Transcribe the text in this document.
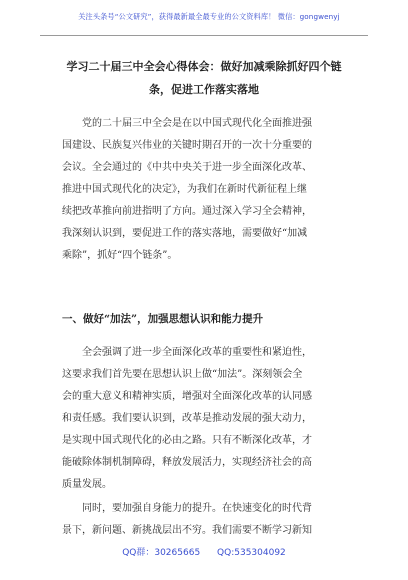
关注头条号“公文研究”，获得最新最全最专业的公文资料库！ 微信：gongwenyj
学习二十届三中全会心得体会：做好加减乘除抓好四个链
条，促进工作落实落地
党的二十届三中全会是在以中国式现代化全面推进强
国建设、民族复兴伟业的关键时期召开的一次十分重要的
会议。全会通过的《中共中央关于进一步全面深化改革、
推进中国式现代化的决定》，为我们在新时代新征程上继
续把改革推向前进指明了方向。通过深入学习全会精神，
我深刻认识到，要促进工作的落实落地，需要做好“加减
乘除”，抓好“四个链条”。
一、做好“加法”，加强思想认识和能力提升
全会强调了进一步全面深化改革的重要性和紧迫性，
这要求我们首先要在思想认识上做“加法”。深刻领会全
会的重大意义和精神实质，增强对全面深化改革的认同感
和责任感。我们要认识到，改革是推动发展的强大动力，
是实现中国式现代化的必由之路。只有不断深化改革，才
能破除体制机制障碍，释放发展活力，实现经济社会的高
质量发展。
同时，要加强自身能力的提升。在快速变化的时代背
景下，新问题、新挑战层出不穷。我们需要不断学习新知
QQ群：30265665 QQ:535304092
